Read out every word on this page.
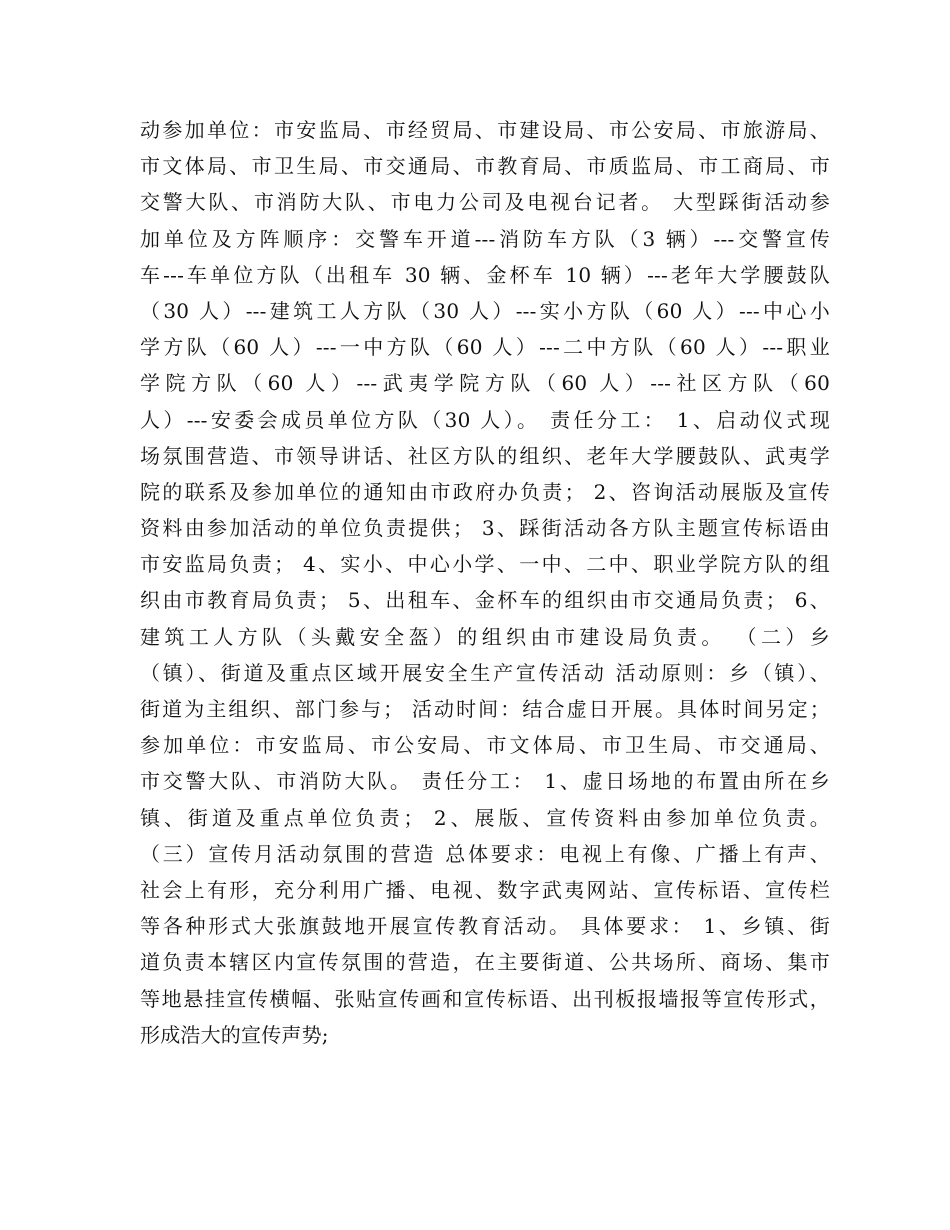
动参加单位：市安监局、市经贸局、市建设局、市公安局、市旅游局、
市文体局、市卫生局、市交通局、市教育局、市质监局、市工商局、市
交警大队、市消防大队、市电力公司及电视台记者。 大型踩街活动参
加单位及方阵顺序：交警车开道---消防车方队（3 辆）---交警宣传
车---车单位方队（出租车 30 辆、金杯车 10 辆）---老年大学腰鼓队
（30 人）---建筑工人方队（30 人）---实小方队（60 人）---中心小
学方队（60 人）---一中方队（60 人）---二中方队（60 人）---职业
学院方队（60 人）---武夷学院方队（60 人）---社区方队（60
人）---安委会成员单位方队（30 人）。 责任分工： 1、启动仪式现
场氛围营造、市领导讲话、社区方队的组织、老年大学腰鼓队、武夷学
院的联系及参加单位的通知由市政府办负责； 2、咨询活动展版及宣传
资料由参加活动的单位负责提供； 3、踩街活动各方队主题宣传标语由
市安监局负责； 4、实小、中心小学、一中、二中、职业学院方队的组
织由市教育局负责； 5、出租车、金杯车的组织由市交通局负责； 6、
建筑工人方队（头戴安全盔）的组织由市建设局负责。 （二）乡
（镇）、街道及重点区域开展安全生产宣传活动 活动原则：乡（镇）、
街道为主组织、部门参与； 活动时间：结合虚日开展。具体时间另定；
参加单位：市安监局、市公安局、市文体局、市卫生局、市交通局、
市交警大队、市消防大队。 责任分工： 1、虚日场地的布置由所在乡
镇、街道及重点单位负责； 2、展版、宣传资料由参加单位负责。
（三）宣传月活动氛围的营造 总体要求：电视上有像、广播上有声、
社会上有形，充分利用广播、电视、数字武夷网站、宣传标语、宣传栏
等各种形式大张旗鼓地开展宣传教育活动。 具体要求： 1、乡镇、街
道负责本辖区内宣传氛围的营造，在主要街道、公共场所、商场、集市
等地悬挂宣传横幅、张贴宣传画和宣传标语、出刊板报墙报等宣传形式，
形成浩大的宣传声势;
